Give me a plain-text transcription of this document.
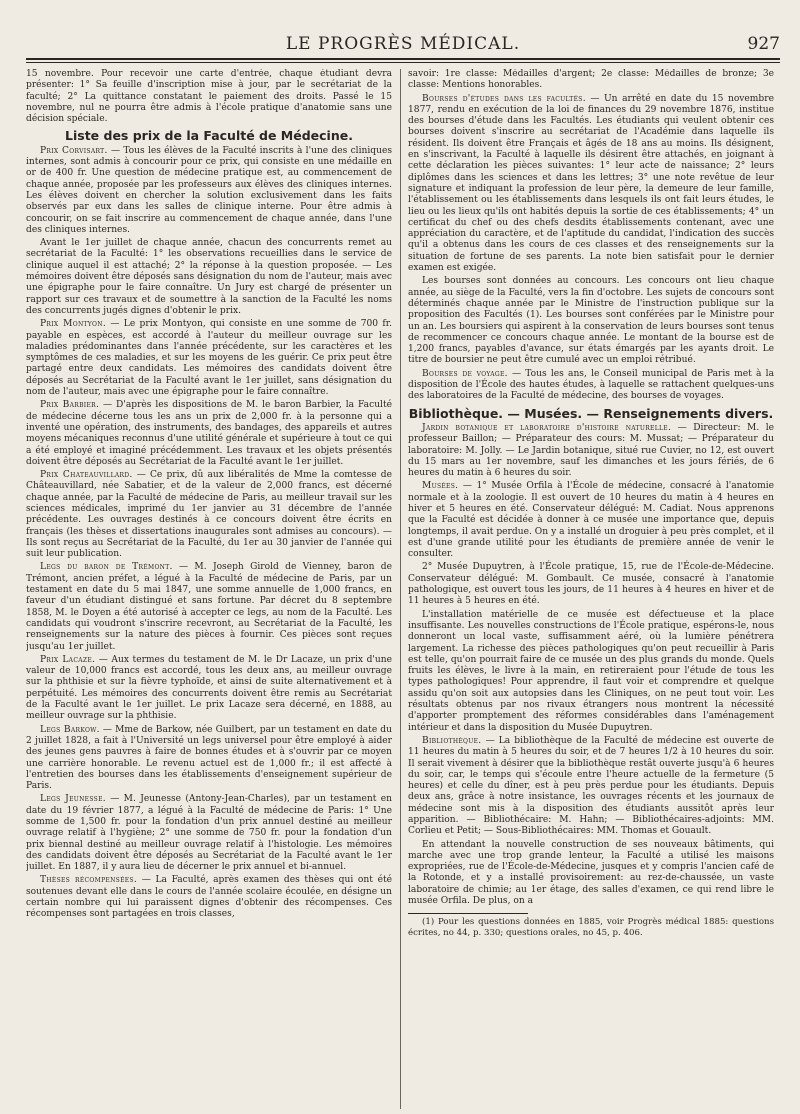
LE PROGRÈS MÉDICAL.	927

15 novembre. Pour recevoir une carte d'entrée, chaque étudiant devra présenter: 1° Sa feuille d'inscription mise à jour, par le secrétariat de la faculté; 2° La quittance constatant le paiement des droits. Passé le 15 novembre, nul ne pourra être admis à l'école pratique d'anatomie sans une décision spéciale.

Liste des prix de la Faculté de Médecine.

Prix Corvisart. — Tous les élèves de la Faculté inscrits à l'une des cliniques internes, sont admis à concourir pour ce prix, qui consiste en une médaille en or de 400 fr. Une question de médecine pratique est, au commencement de chaque année, proposée par les professeurs aux élèves des cliniques internes. Les élèves doivent en chercher la solution exclusivement dans les faits observés par eux dans les salles de clinique interne. Pour être admis à concourir, on se fait inscrire au commencement de chaque année, dans l'une des cliniques internes.

Avant le 1er juillet de chaque année, chacun des concurrents remet au secrétariat de la Faculté: 1° les observations recueillies dans le service de clinique auquel il est attaché; 2° la réponse à la question proposée. — Les mémoires doivent être déposés sans désignation du nom de l'auteur, mais avec une épigraphe pour le faire connaître. Un Jury est chargé de présenter un rapport sur ces travaux et de soumettre à la sanction de la Faculté les noms des concurrents jugés dignes d'obtenir le prix.

Prix Montyon. — Le prix Montyon, qui consiste en une somme de 700 fr. payable en espèces, est accordé à l'auteur du meilleur ouvrage sur les maladies prédominantes dans l'année précédente, sur les caractères et les symptômes de ces maladies, et sur les moyens de les guérir. Ce prix peut être partagé entre deux candidats. Les mémoires des candidats doivent être déposés au Secrétariat de la Faculté avant le 1er juillet, sans désignation du nom de l'auteur, mais avec une épigraphe pour le faire connaître.

Prix Barbier. — D'après les dispositions de M. le baron Barbier, la Faculté de médecine décerne tous les ans un prix de 2,000 fr. à la personne qui a inventé une opération, des instruments, des bandages, des appareils et autres moyens mécaniques reconnus d'une utilité générale et supérieure à tout ce qui a été employé et imaginé précédemment. Les travaux et les objets présentés doivent être déposés au Secrétariat de la Faculté avant le 1er juillet.

Prix Chateauvillard. — Ce prix, dû aux libéralités de Mme la comtesse de Châteauvillard, née Sabatier, et de la valeur de 2,000 francs, est décerné chaque année, par la Faculté de médecine de Paris, au meilleur travail sur les sciences médicales, imprimé du 1er janvier au 31 décembre de l'année précédente. Les ouvrages destinés à ce concours doivent être écrits en français (les thèses et dissertations inaugurales sont admises au concours). — Ils sont reçus au Secrétariat de la Faculté, du 1er au 30 janvier de l'année qui suit leur publication.

Legs du baron de Trémont. — M. Joseph Girold de Vienney, baron de Trémont, ancien préfet, a légué à la Faculté de médecine de Paris, par un testament en date du 5 mai 1847, une somme annuelle de 1,000 francs, en faveur d'un étudiant distingué et sans fortune. Par décret du 8 septembre 1858, M. le Doyen a été autorisé à accepter ce legs, au nom de la Faculté. Les candidats qui voudront s'inscrire recevront, au Secrétariat de la Faculté, les renseignements sur la nature des pièces à fournir. Ces pièces sont reçues jusqu'au 1er juillet.

Prix Lacaze. — Aux termes du testament de M. le Dr Lacaze, un prix d'une valeur de 10,000 francs est accordé, tous les deux ans, au meilleur ouvrage sur la phthisie et sur la fièvre typhoïde, et ainsi de suite alternativement et à perpétuité. Les mémoires des concurrents doivent être remis au Secrétariat de la Faculté avant le 1er juillet. Le prix Lacaze sera décerné, en 1888, au meilleur ouvrage sur la phthisie.

Legs Barkow. — Mme de Barkow, née Guilbert, par un testament en date du 2 juillet 1828, a fait à l'Université un legs universel pour être employé à aider des jeunes gens pauvres à faire de bonnes études et à s'ouvrir par ce moyen une carrière honorable. Le revenu actuel est de 1,000 fr.; il est affecté à l'entretien des bourses dans les établissements d'enseignement supérieur de Paris.

Legs Jeunesse. — M. Jeunesse (Antony-Jean-Charles), par un testament en date du 19 février 1877, a légué à la Faculté de médecine de Paris: 1° Une somme de 1,500 fr. pour la fondation d'un prix annuel destiné au meilleur ouvrage relatif à l'hygiène; 2° une somme de 750 fr. pour la fondation d'un prix biennal destiné au meilleur ouvrage relatif à l'histologie. Les mémoires des candidats doivent être déposés au Secrétariat de la Faculté avant le 1er juillet. En 1887, il y aura lieu de décerner le prix annuel et bi-annuel.

Thèses récompensées. — La Faculté, après examen des thèses qui ont été soutenues devant elle dans le cours de l'année scolaire écoulée, en désigne un certain nombre qui lui paraissent dignes d'obtenir des récompenses. Ces récompenses sont partagées en trois classes,

savoir: 1re classe: Médailles d'argent; 2e classe: Médailles de bronze; 3e classe: Mentions honorables.

Bourses d'études dans les facultés. — Un arrêté en date du 15 novembre 1877, rendu en exécution de la loi de finances du 29 novembre 1876, institue des bourses d'étude dans les Facultés. Les étudiants qui veulent obtenir ces bourses doivent s'inscrire au secrétariat de l'Académie dans laquelle ils résident. Ils doivent être Français et âgés de 18 ans au moins. Ils désignent, en s'inscrivant, la Faculté à laquelle ils désirent être attachés, en joignant à cette déclaration les pièces suivantes: 1° leur acte de naissance; 2° leurs diplômes dans les sciences et dans les lettres; 3° une note revêtue de leur signature et indiquant la profession de leur père, la demeure de leur famille, l'établissement ou les établissements dans lesquels ils ont fait leurs études, le lieu ou les lieux qu'ils ont habités depuis la sortie de ces établissements; 4° un certificat du chef ou des chefs desdits établissements contenant, avec une appréciation du caractère, et de l'aptitude du candidat, l'indication des succès qu'il a obtenus dans les cours de ces classes et des renseignements sur la situation de fortune de ses parents. La note bien satisfait pour le dernier examen est exigée.

Les bourses sont données au concours. Les concours ont lieu chaque année, au siège de la Faculté, vers la fin d'octobre. Les sujets de concours sont déterminés chaque année par le Ministre de l'instruction publique sur la proposition des Facultés (1). Les bourses sont conférées par le Ministre pour un an. Les boursiers qui aspirent à la conservation de leurs bourses sont tenus de recommencer ce concours chaque année. Le montant de la bourse est de 1,200 francs, payables d'avance, sur états émargés par les ayants droit. Le titre de boursier ne peut être cumulé avec un emploi rétribué.

Bourses de voyage. — Tous les ans, le Conseil municipal de Paris met à la disposition de l'École des hautes études, à laquelle se rattachent quelques-uns des laboratoires de la Faculté de médecine, des bourses de voyages.

Bibliothèque. — Musées. — Renseignements divers.

Jardin botanique et laboratoire d'histoire naturelle. — Directeur: M. le professeur Baillon; — Préparateur des cours: M. Mussat; — Préparateur du laboratoire: M. Jolly. — Le Jardin botanique, situé rue Cuvier, no 12, est ouvert du 15 mars au 1er novembre, sauf les dimanches et les jours fériés, de 6 heures du matin à 6 heures du soir.

Musées. — 1° Musée Orfila à l'École de médecine, consacré à l'anatomie normale et à la zoologie. Il est ouvert de 10 heures du matin à 4 heures en hiver et 5 heures en été. Conservateur délégué: M. Cadiat. Nous apprenons que la Faculté est décidée à donner à ce musée une importance que, depuis longtemps, il avait perdue. On y a installé un droguier à peu près complet, et il est d'une grande utilité pour les étudiants de première année de venir le consulter.

2° Musée Dupuytren, à l'École pratique, 15, rue de l'École-de-Médecine. Conservateur délégué: M. Gombault. Ce musée, consacré à l'anatomie pathologique, est ouvert tous les jours, de 11 heures à 4 heures en hiver et de 11 heures à 5 heures en été.

L'installation matérielle de ce musée est défectueuse et la place insuffisante. Les nouvelles constructions de l'École pratique, espérons-le, nous donneront un local vaste, suffisamment aéré, où la lumière pénétrera largement. La richesse des pièces pathologiques qu'on peut recueillir à Paris est telle, qu'on pourrait faire de ce musée un des plus grands du monde. Quels fruits les élèves, le livre à la main, en retireraient pour l'étude de tous les types pathologiques! Pour apprendre, il faut voir et comprendre et quelque assidu qu'on soit aux autopsies dans les Cliniques, on ne peut tout voir. Les résultats obtenus par nos rivaux étrangers nous montrent la nécessité d'apporter promptement des réformes considérables dans l'aménagement intérieur et dans la disposition du Musée Dupuytren.

Bibliothèque. — La bibliothèque de la Faculté de médecine est ouverte de 11 heures du matin à 5 heures du soir, et de 7 heures 1/2 à 10 heures du soir. Il serait vivement à désirer que la bibliothèque restât ouverte jusqu'à 6 heures du soir, car, le temps qui s'écoule entre l'heure actuelle de la fermeture (5 heures) et celle du dîner, est à peu près perdue pour les étudiants. Depuis deux ans, grâce à notre insistance, les ouvrages récents et les journaux de médecine sont mis à la disposition des étudiants aussitôt après leur apparition. — Bibliothécaire: M. Hahn; — Bibliothécaires-adjoints: MM. Corlieu et Petit; — Sous-Bibliothécaires: MM. Thomas et Gouault.

En attendant la nouvelle construction de ses nouveaux bâtiments, qui marche avec une trop grande lenteur, la Faculté a utilisé les maisons expropriées, rue de l'École-de-Médecine, jusques et y compris l'ancien café de la Rotonde, et y a installé provisoirement: au rez-de-chaussée, un vaste laboratoire de chimie; au 1er étage, des salles d'examen, ce qui rend libre le musée Orfila. De plus, on a

(1) Pour les questions données en 1885, voir Progrès médical 1885: questions écrites, no 44, p. 330; questions orales, no 45, p. 406.
